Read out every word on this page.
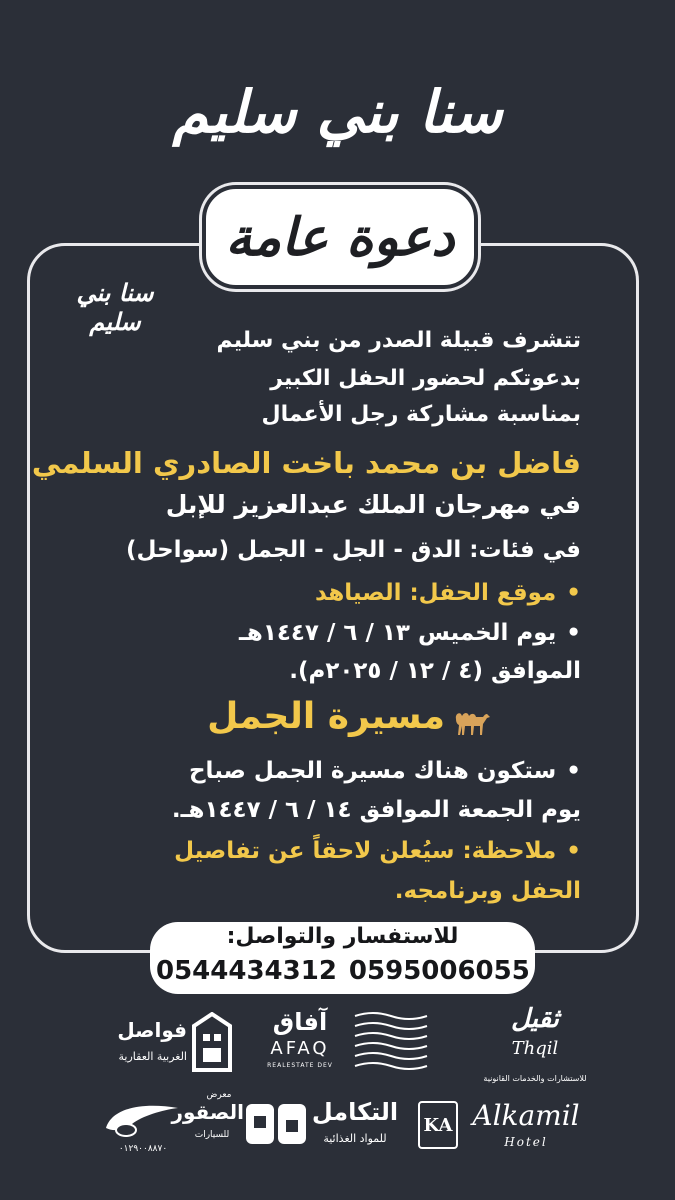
سنا بني سليم
دعوة عامة
سنا بني سليم
تتشرف قبيلة الصدر من بني سليم
بدعوتكم لحضور الحفل الكبير
بمناسبة مشاركة رجل الأعمال
فاضل بن محمد باخت الصادري السلمي
في مهرجان الملك عبدالعزيز للإبل
في فئات: الدق - الجل - الجمل (سواحل)
•موقع الحفل: الصياهد
•يوم الخميس ١٣ / ٦ / ١٤٤٧هـ
الموافق (٤ / ١٢ / ٢٠٢٥م).
مسيرة الجمل
•ستكون هناك مسيرة الجمل صباح
يوم الجمعة الموافق ١٤ / ٦ / ١٤٤٧هـ.
•ملاحظة: سيُعلن لاحقاً عن تفاصيل
الحفل وبرنامجه.
للاستفسار والتواصل:
0544434312 0595006055
فواصل
الغربية العقارية
آفاق
AFAQ
REALESTATE DEV
ثقيل
Thqil
للاستشارات والخدمات القانونية
معرض
الصقور
للسيارات
٠١٢٩٠٠٨٨٧٠
التكامل
للمواد الغذائية
KA Alkamil
Hotel
